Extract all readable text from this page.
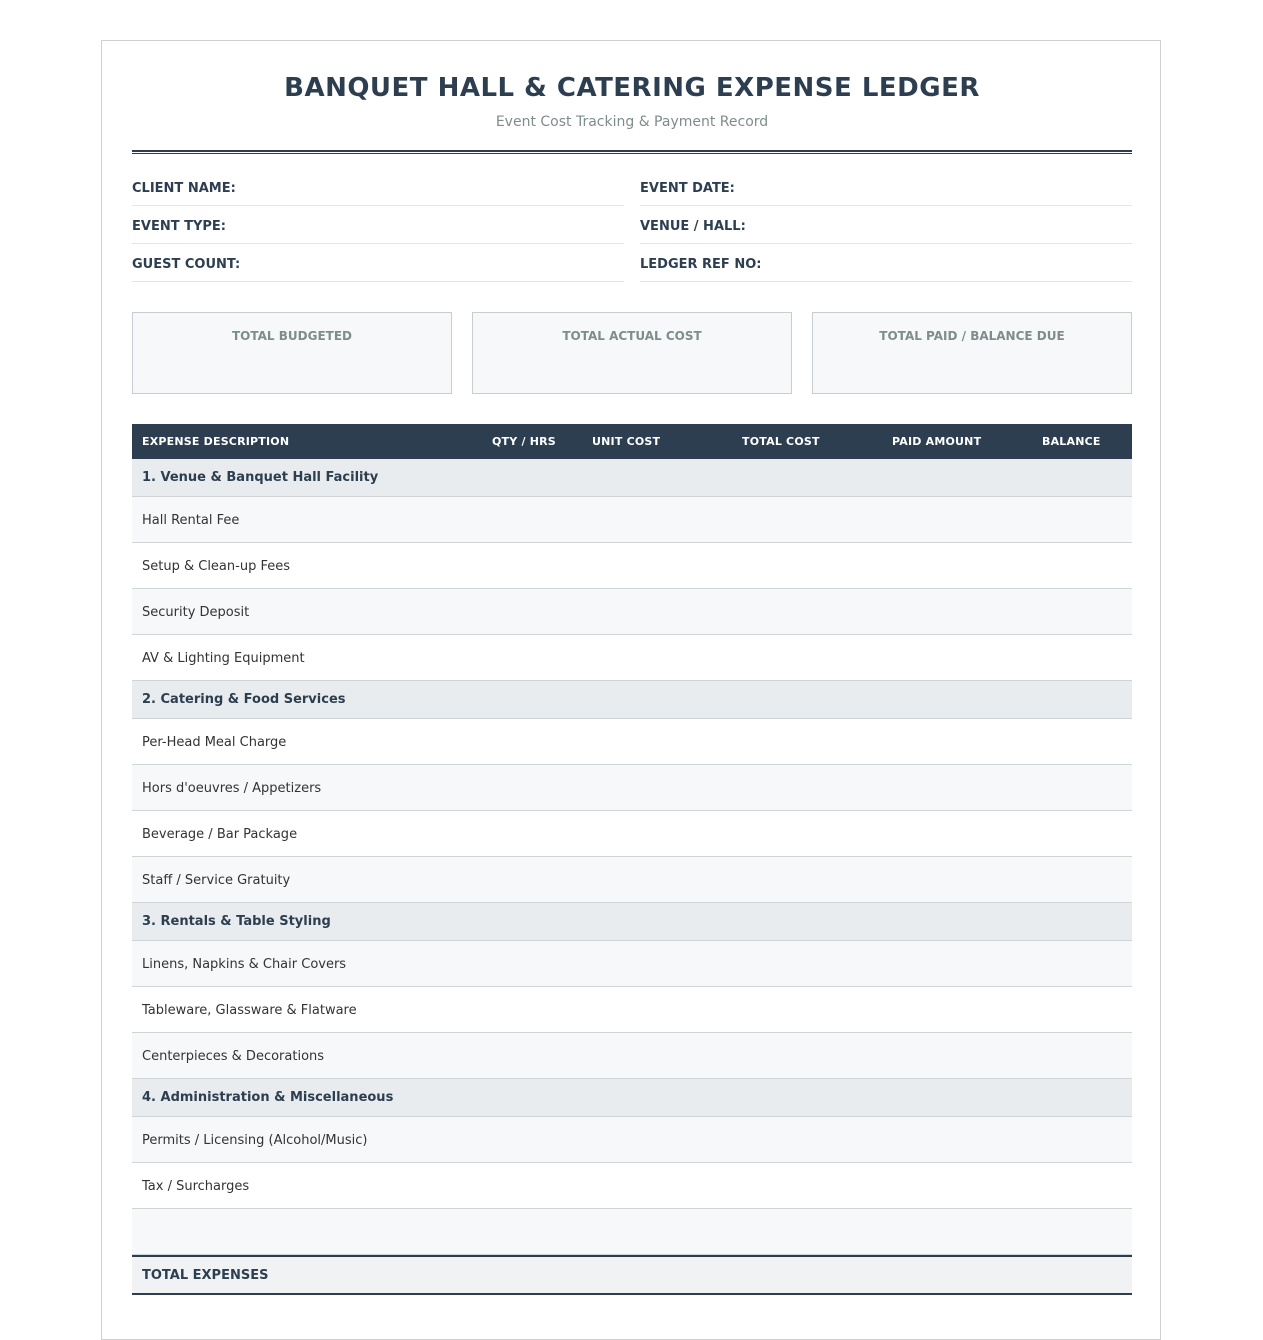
BANQUET HALL & CATERING EXPENSE LEDGER
Event Cost Tracking & Payment Record
CLIENT NAME:	EVENT DATE:
EVENT TYPE:	VENUE / HALL:
GUEST COUNT:	LEDGER REF NO:
TOTAL BUDGETED	TOTAL ACTUAL COST	TOTAL PAID / BALANCE DUE
EXPENSE DESCRIPTION	QTY / HRS	UNIT COST	TOTAL COST	PAID AMOUNT	BALANCE
1. Venue & Banquet Hall Facility
Hall Rental Fee
Setup & Clean-up Fees
Security Deposit
AV & Lighting Equipment
2. Catering & Food Services
Per-Head Meal Charge
Hors d'oeuvres / Appetizers
Beverage / Bar Package
Staff / Service Gratuity
3. Rentals & Table Styling
Linens, Napkins & Chair Covers
Tableware, Glassware & Flatware
Centerpieces & Decorations
4. Administration & Miscellaneous
Permits / Licensing (Alcohol/Music)
Tax / Surcharges
TOTAL EXPENSES
